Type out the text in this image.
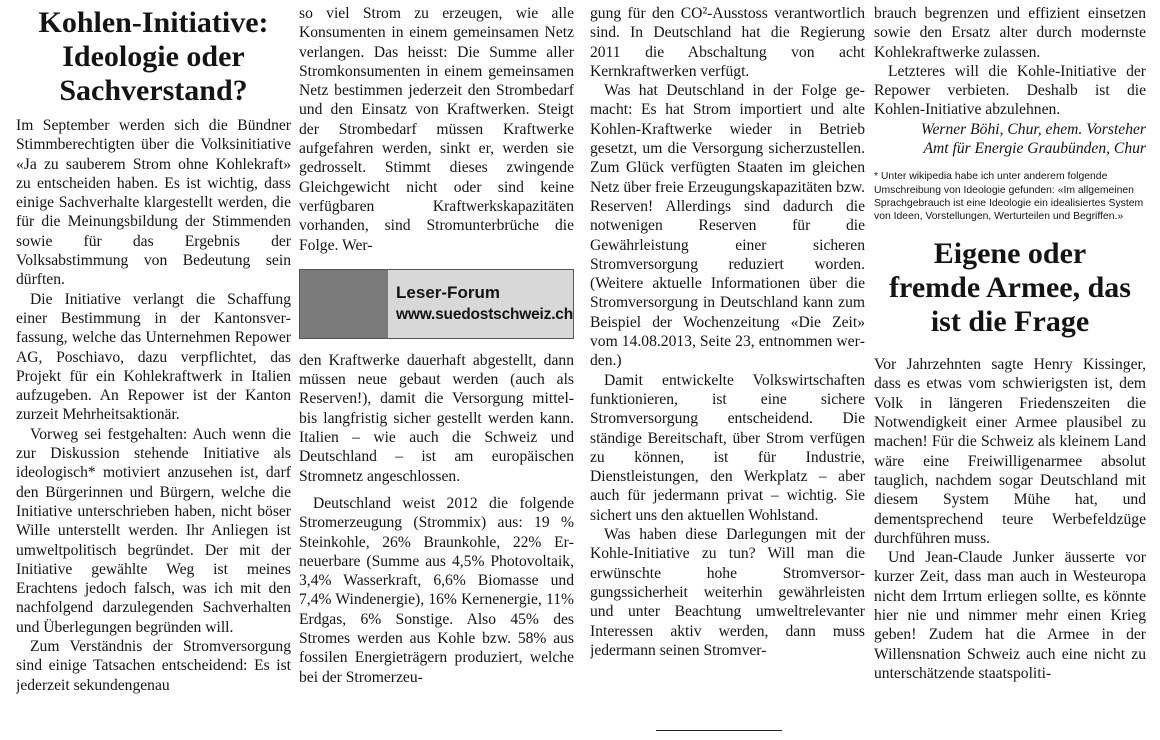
Kohlen-Initiative:
Ideologie oder
Sachverstand?

Im September werden sich die Bündner Stimmberechtigten über die Volksinitiative «Ja zu sauberem Strom ohne Kohlekraft» zu entscheiden haben. Es ist wichtig, dass einige Sachverhalte klargestellt werden, die für die Meinungsbildung der Stimmenden sowie für das Ergebnis der Volksabstimmung von Bedeutung sein dürften.

Die Initiative verlangt die Schaffung einer Bestimmung in der Kantonsverfassung, welche das Unternehmen Repower AG, Poschiavo, dazu verpflichtet, das Projekt für ein Kohlekraftwerk in Italien aufzugeben. An Repower ist der Kanton zurzeit Mehrheitsaktionär.

Vorweg sei festgehalten: Auch wenn die zur Diskussion stehende Initiative als ideologisch* motiviert anzusehen ist, darf den Bürgerinnen und Bürgern, welche die Initiative unterschrieben haben, nicht böser Wille unterstellt werden. Ihr Anliegen ist umweltpolitisch begründet. Der mit der Initiative gewählte Weg ist meines Erachtens jedoch falsch, was ich mit den nachfolgend darzulegenden Sachverhalten und Überlegungen begründen will.

Zum Verständnis der Stromversorgung sind einige Tatsachen entscheidend: Es ist jederzeit sekundengenau

so viel Strom zu erzeugen, wie alle Konsumenten in einem gemeinsamen Netz verlangen. Das heisst: Die Summe aller Stromkonsumenten in einem gemeinsamen Netz bestimmen jederzeit den Strombedarf und den Einsatz von Kraftwerken. Steigt der Strombedarf müssen Kraftwerke aufgefahren werden, sinkt er, werden sie gedrosselt. Stimmt dieses zwingende Gleichgewicht nicht oder sind keine verfügbaren Kraftwerkskapazitäten vorhanden, sind Stromunterbrüche die Folge. Wer-

Leser-Forum
www.suedostschweiz.ch

den Kraftwerke dauerhaft abgestellt, dann müssen neue gebaut werden (auch als Reserven!), damit die Versorgung mittel- bis langfristig sicher gestellt werden kann. Italien – wie auch die Schweiz und Deutschland – ist am europäischen Stromnetz angeschlossen.

Deutschland weist 2012 die folgende Stromerzeugung (Strommix) aus: 19 % Steinkohle, 26% Braunkohle, 22% Erneuerbare (Summe aus 4,5% Photovoltaik, 3,4% Wasserkraft, 6,6% Biomasse und 7,4% Windenergie), 16% Kernenergie, 11% Erdgas, 6% Sonstige. Also 45% des Stromes werden aus Kohle bzw. 58% aus fossilen Energieträgern produziert, welche bei der Stromerzeu-

gung für den CO²-Ausstoss verantwortlich sind. In Deutschland hat die Regierung 2011 die Abschaltung von acht Kernkraftwerken verfügt.

Was hat Deutschland in der Folge gemacht: Es hat Strom importiert und alte Kohlen-Kraftwerke wieder in Betrieb gesetzt, um die Versorgung sicherzustellen. Zum Glück verfügten Staaten im gleichen Netz über freie Erzeugungskapazitäten bzw. Reserven! Allerdings sind dadurch die notwenigen Reserven für die Gewährleistung einer sicheren Stromversorgung reduziert worden. (Weitere aktuelle Informationen über die Stromversorgung in Deutschland kann zum Beispiel der Wochenzeitung «Die Zeit» vom 14.08.2013, Seite 23, entnommen werden.)

Damit entwickelte Volkswirtschaften funktionieren, ist eine sichere Stromversorgung entscheidend. Die ständige Bereitschaft, über Strom verfügen zu können, ist für Industrie, Dienstleistungen, den Werkplatz – aber auch für jedermann privat – wichtig. Sie sichert uns den aktuellen Wohlstand.

Was haben diese Darlegungen mit der Kohle-Initiative zu tun? Will man die erwünschte hohe Stromversorgungssicherheit weiterhin gewährleisten und unter Beachtung umweltrelevanter Interessen aktiv werden, dann muss jedermann seinen Stromver-

brauch begrenzen und effizient einsetzen sowie den Ersatz alter durch modernste Kohlekraftwerke zulassen.

Letzteres will die Kohle-Initiative der Repower verbieten. Deshalb ist die Kohlen-Initiative abzulehnen.

Werner Böhi, Chur, ehem. Vorsteher
Amt für Energie Graubünden, Chur

* Unter wikipedia habe ich unter anderem folgende Umschreibung von Ideologie gefunden: «Im allgemeinen Sprachgebrauch ist eine Ideologie ein idealisiertes System von Ideen, Vorstellungen, Werturteilen und Begriffen.»

Eigene oder
fremde Armee, das
ist die Frage

Vor Jahrzehnten sagte Henry Kissinger, dass es etwas vom schwierigsten ist, dem Volk in längeren Friedenszeiten die Notwendigkeit einer Armee plausibel zu machen! Für die Schweiz als kleinem Land wäre eine Freiwilligenarmee absolut tauglich, nachdem sogar Deutschland mit diesem System Mühe hat, und dementsprechend teure Werbefeldzüge durchführen muss.

Und Jean-Claude Junker äusserte vor kurzer Zeit, dass man auch in Westeuropa nicht dem Irrtum erliegen sollte, es könnte hier nie und nimmer mehr einen Krieg geben! Zudem hat die Armee in der Willensnation Schweiz auch eine nicht zu unterschätzende staatspoliti-
